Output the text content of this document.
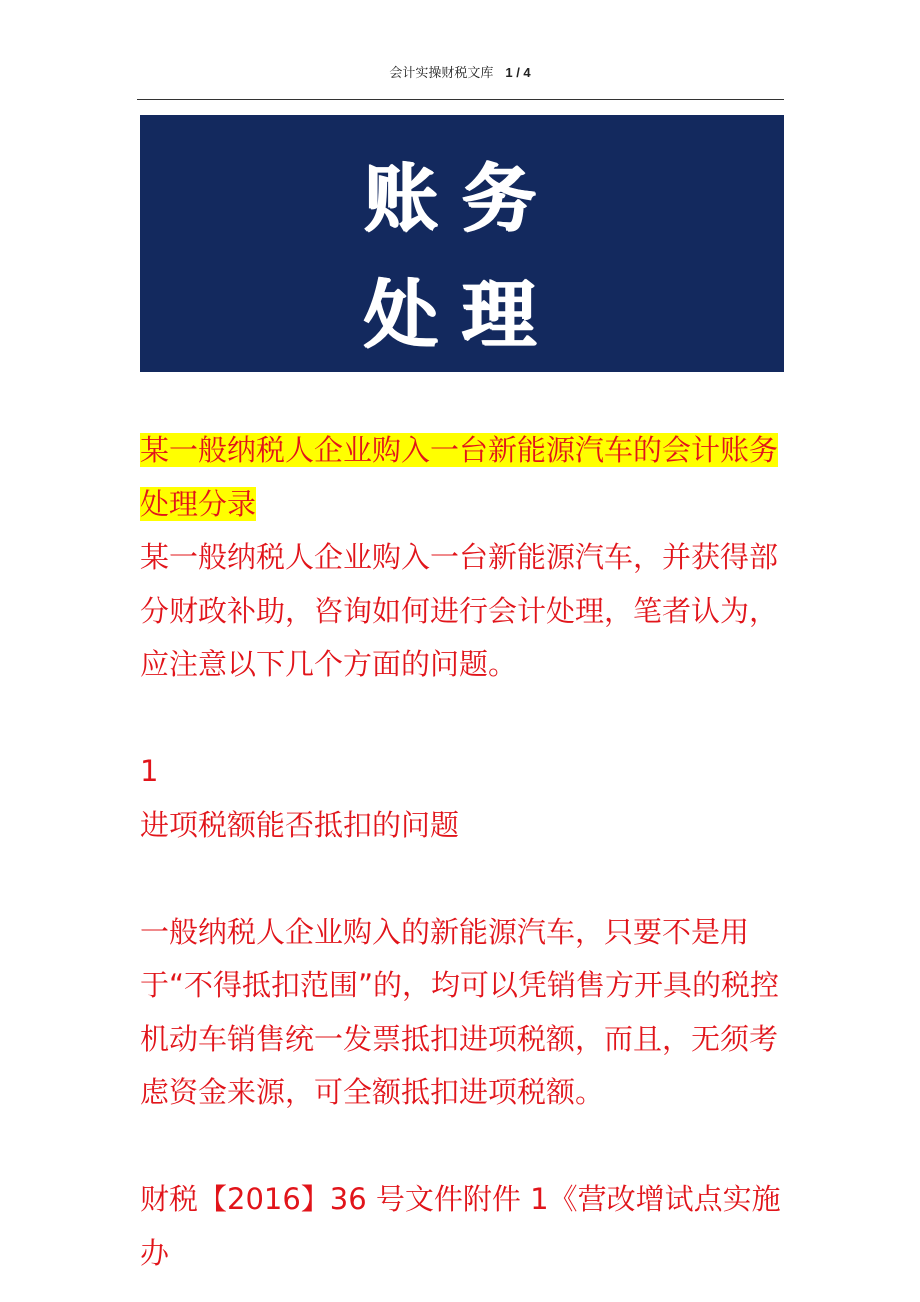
会计实操财税文库 1 / 4
账务
处理

某一般纳税人企业购入一台新能源汽车的会计账务处理分录

某一般纳税人企业购入一台新能源汽车，并获得部分财政补助，咨询如何进行会计处理，笔者认为，应注意以下几个方面的问题。

1

进项税额能否抵扣的问题

一般纳税人企业购入的新能源汽车，只要不是用于“不得抵扣范围”的，均可以凭销售方开具的税控机动车销售统一发票抵扣进项税额，而且，无须考虑资金来源，可全额抵扣进项税额。

财税【2016】36 号文件附件 1《营改增试点实施办
